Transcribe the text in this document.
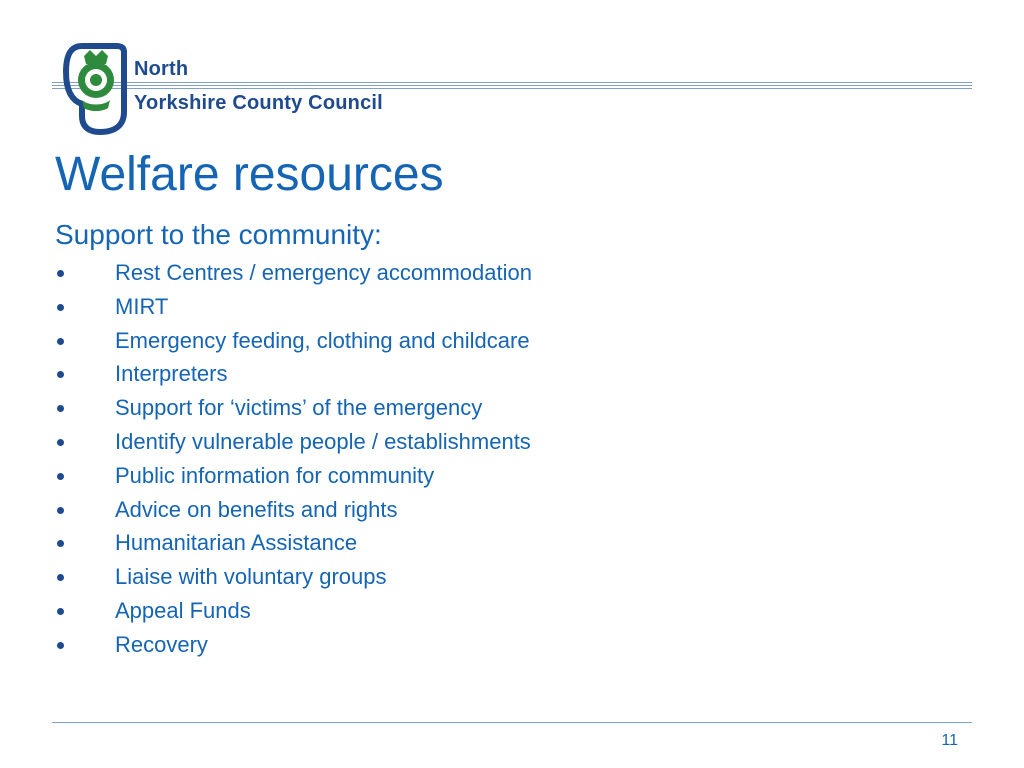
North
Yorkshire County Council
Welfare resources
Support to the community:
Rest Centres / emergency accommodation
MIRT
Emergency feeding, clothing and childcare
Interpreters
Support for ‘victims’ of the emergency
Identify vulnerable people / establishments
Public information for community
Advice on benefits and rights
Humanitarian Assistance
Liaise with voluntary groups
Appeal Funds
Recovery
11
